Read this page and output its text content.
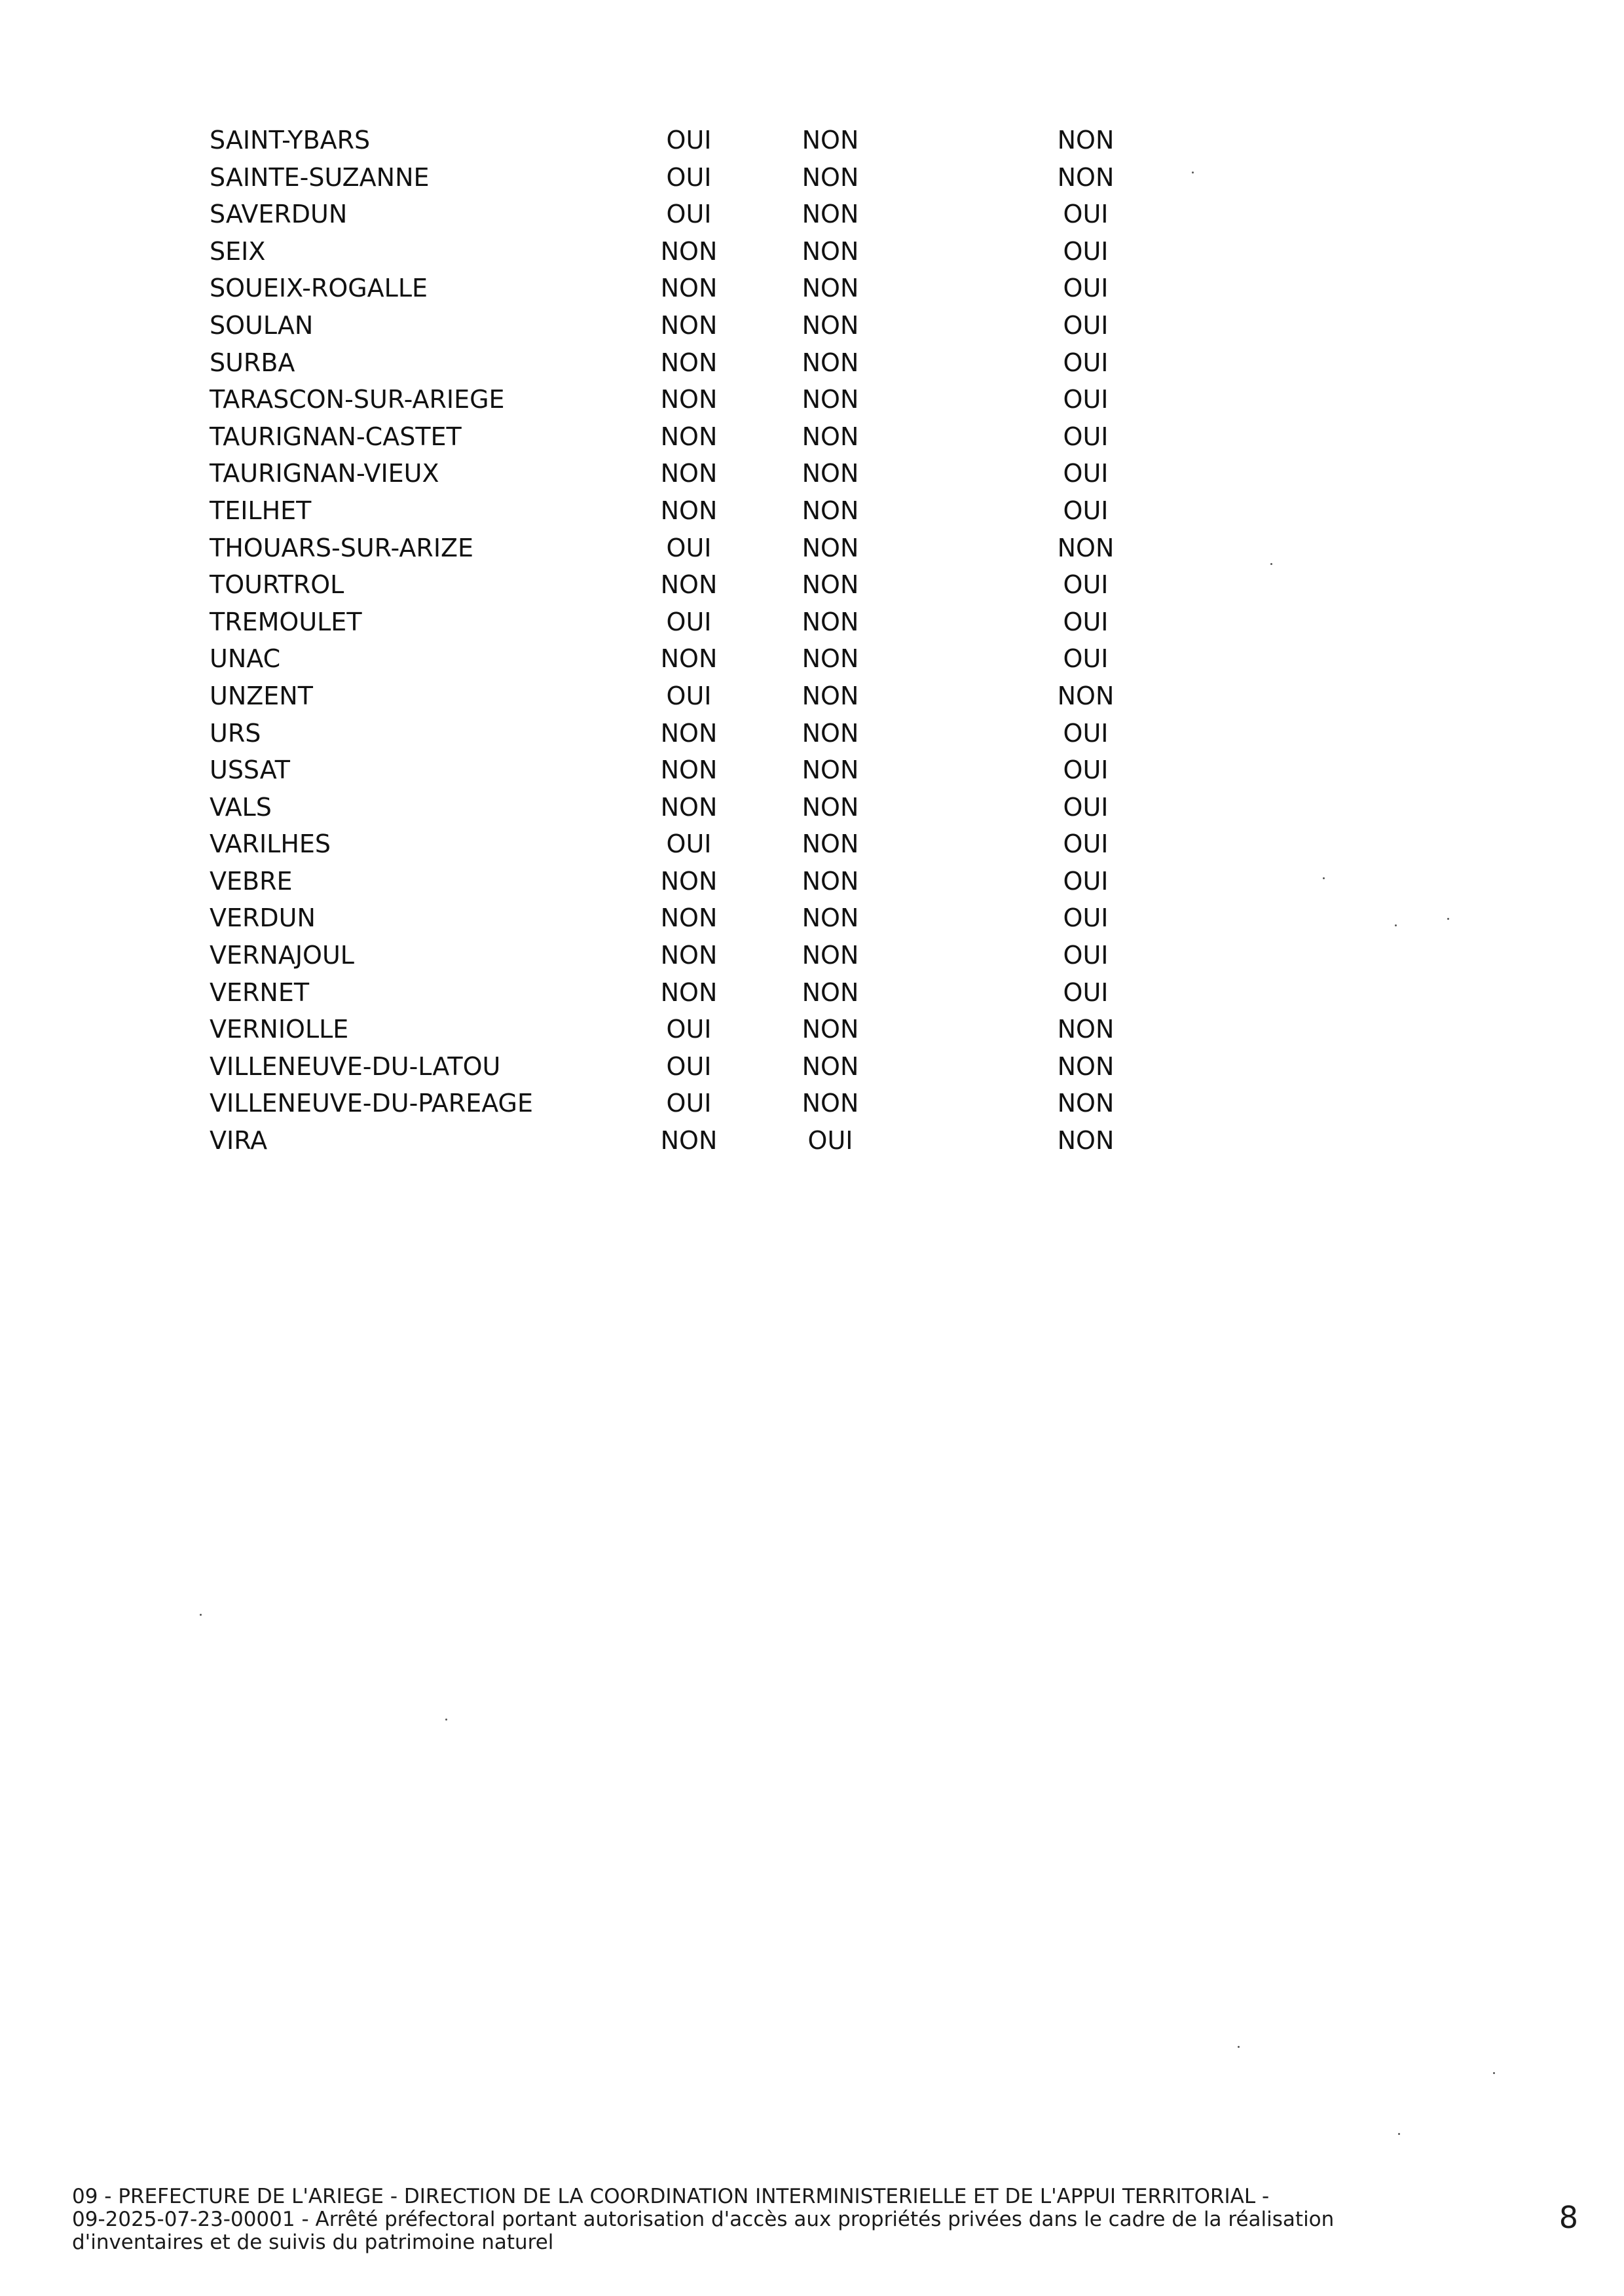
SAINT-YBARS	OUI	NON	NON
SAINTE-SUZANNE	OUI	NON	NON
SAVERDUN	OUI	NON	OUI
SEIX	NON	NON	OUI
SOUEIX-ROGALLE	NON	NON	OUI
SOULAN	NON	NON	OUI
SURBA	NON	NON	OUI
TARASCON-SUR-ARIEGE	NON	NON	OUI
TAURIGNAN-CASTET	NON	NON	OUI
TAURIGNAN-VIEUX	NON	NON	OUI
TEILHET	NON	NON	OUI
THOUARS-SUR-ARIZE	OUI	NON	NON
TOURTROL	NON	NON	OUI
TREMOULET	OUI	NON	OUI
UNAC	NON	NON	OUI
UNZENT	OUI	NON	NON
URS	NON	NON	OUI
USSAT	NON	NON	OUI
VALS	NON	NON	OUI
VARILHES	OUI	NON	OUI
VEBRE	NON	NON	OUI
VERDUN	NON	NON	OUI
VERNAJOUL	NON	NON	OUI
VERNET	NON	NON	OUI
VERNIOLLE	OUI	NON	NON
VILLENEUVE-DU-LATOU	OUI	NON	NON
VILLENEUVE-DU-PAREAGE	OUI	NON	NON
VIRA	NON	OUI	NON
09 - PREFECTURE DE L'ARIEGE - DIRECTION DE LA COORDINATION INTERMINISTERIELLE ET DE L'APPUI TERRITORIAL -
09-2025-07-23-00001 - Arrêté préfectoral portant autorisation d'accès aux propriétés privées dans le cadre de la réalisation
d'inventaires et de suivis du patrimoine naturel
8
